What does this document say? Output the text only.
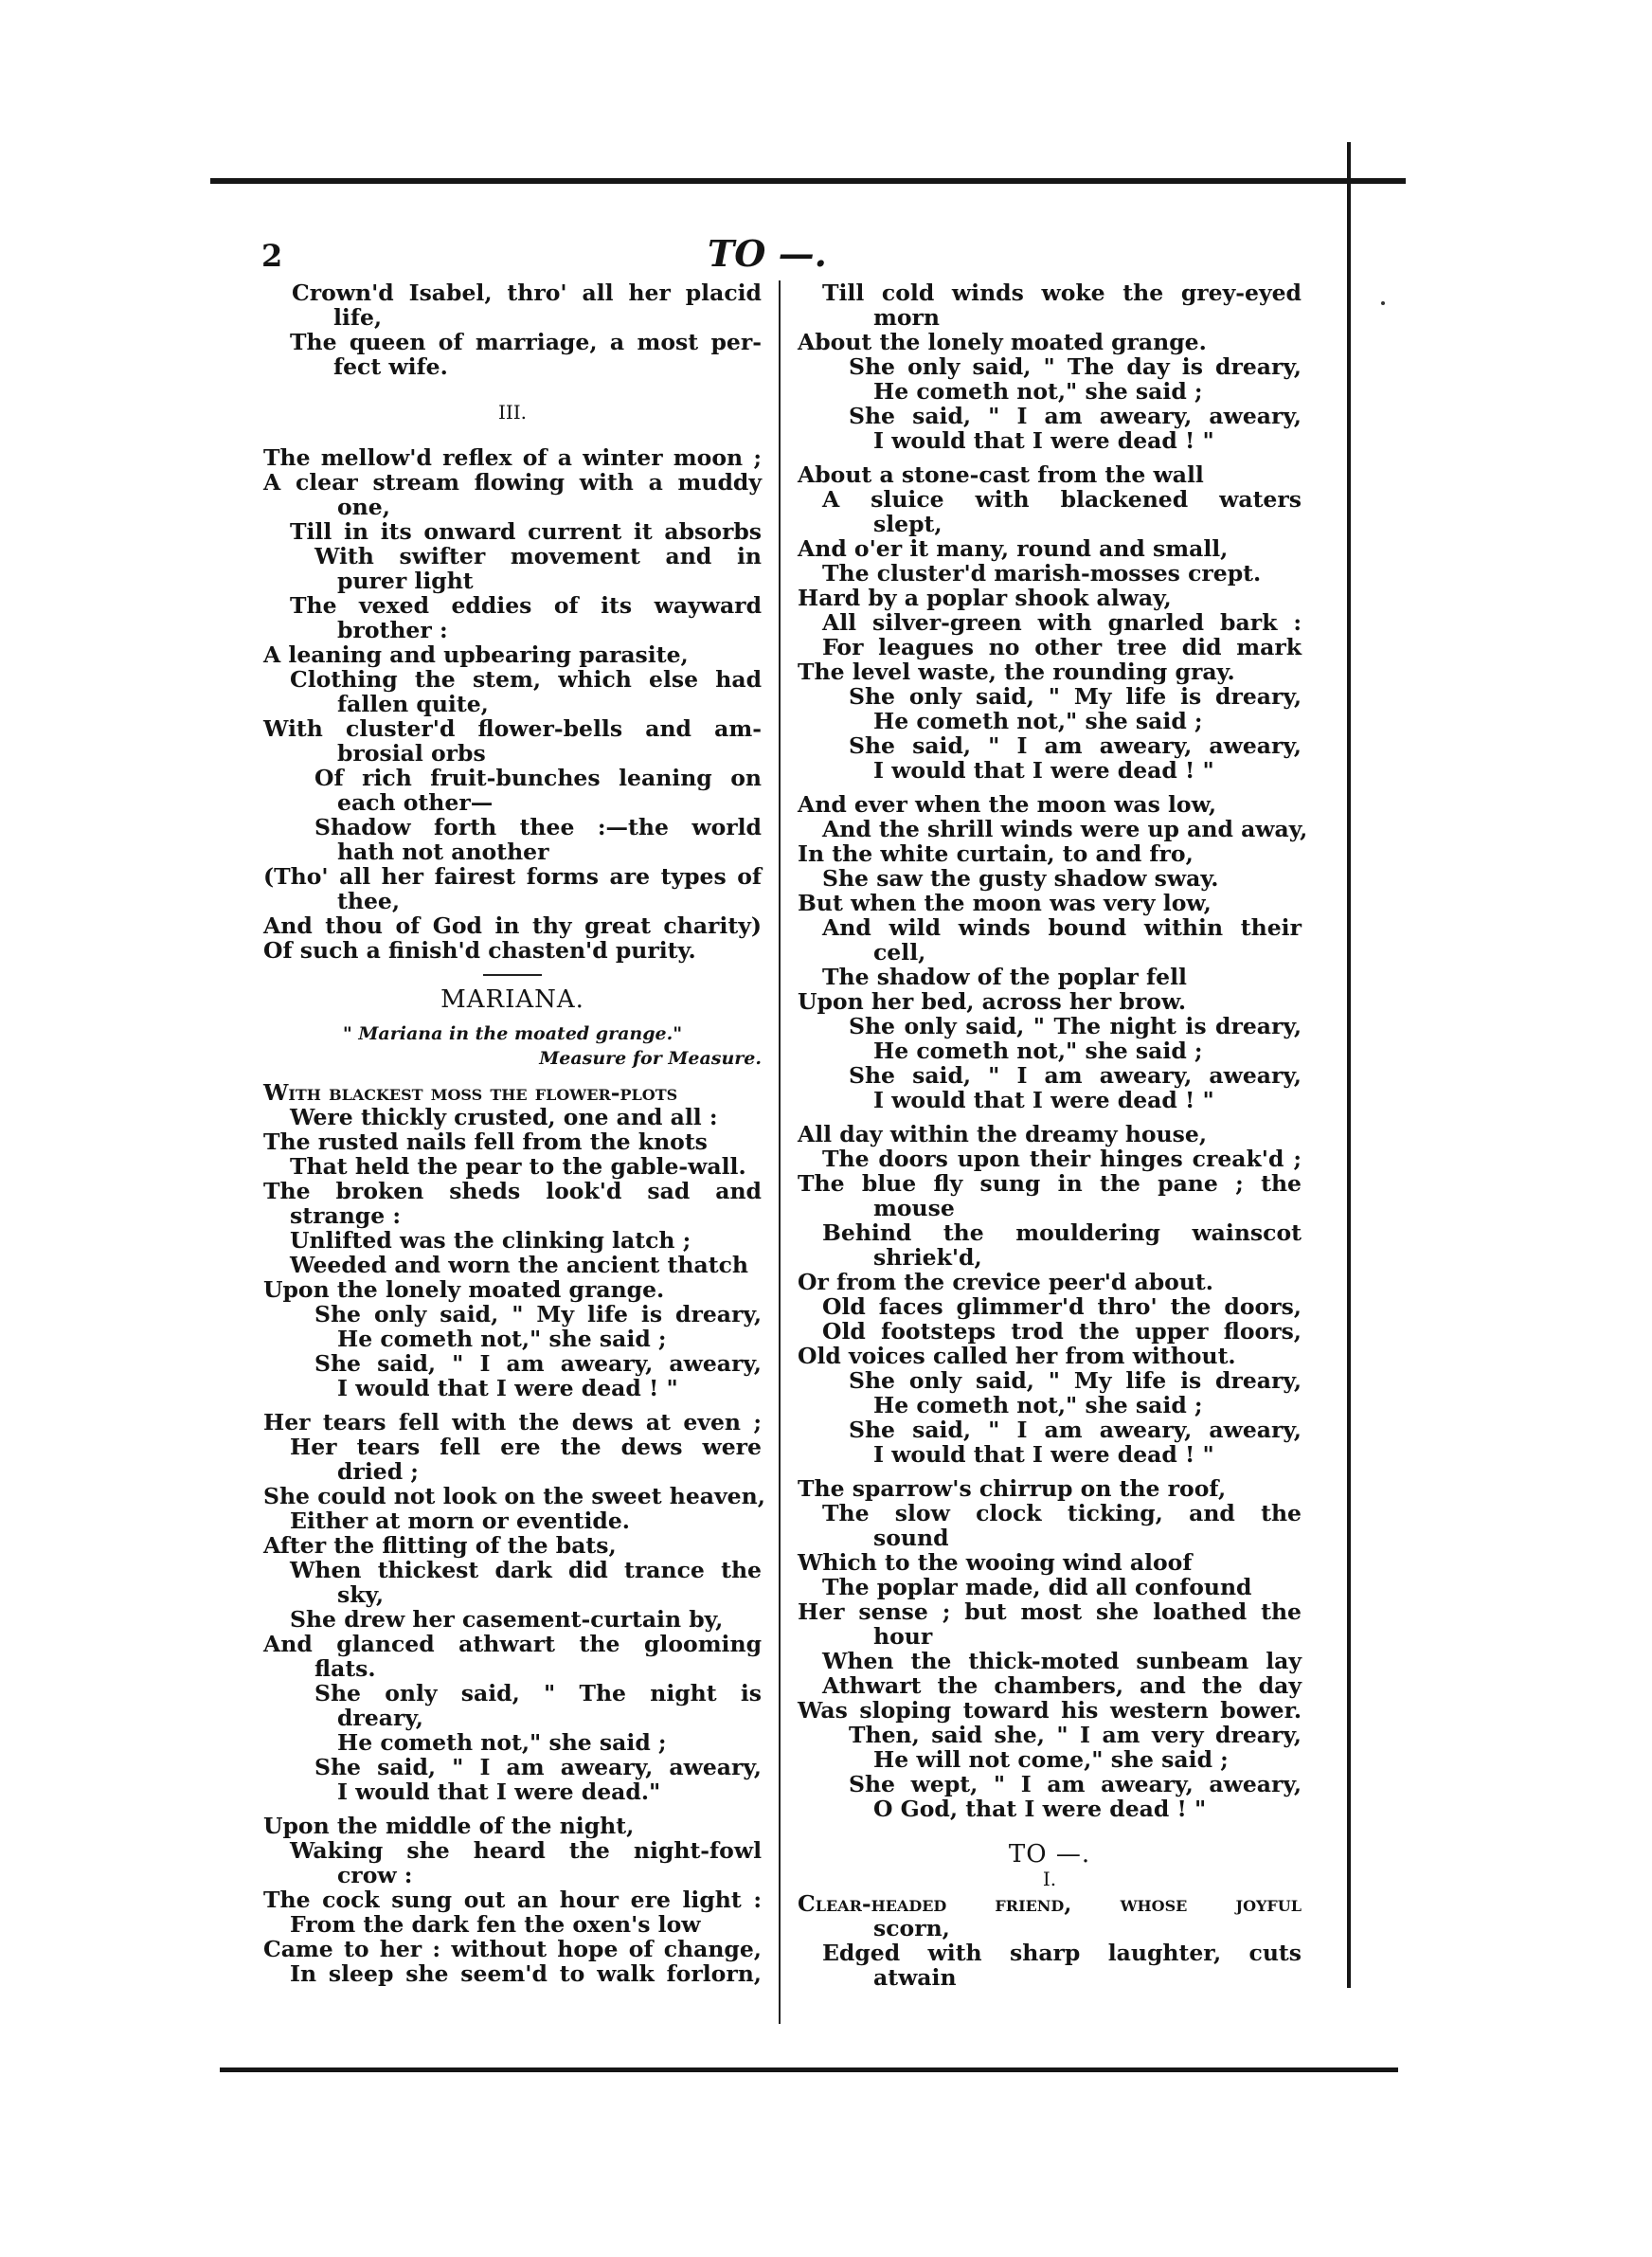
2	TO —.
Crown'd Isabel, thro' all her placid
life,
The queen of marriage, a most per-
fect wife.
III.
The mellow'd reflex of a winter moon ;
A clear stream flowing with a muddy
one,
Till in its onward current it absorbs
With swifter movement and in
purer light
The vexed eddies of its wayward
brother :
A leaning and upbearing parasite,
Clothing the stem, which else had
fallen quite,
With cluster'd flower-bells and am-
brosial orbs
Of rich fruit-bunches leaning on
each other—
Shadow forth thee :—the world
hath not another
(Tho' all her fairest forms are types of
thee,
And thou of God in thy great charity)
Of such a finish'd chasten'd purity.
MARIANA.
" Mariana in the moated grange."
Measure for Measure.
With blackest moss the flower-plots
Were thickly crusted, one and all :
The rusted nails fell from the knots
That held the pear to the gable-wall.
The broken sheds look'd sad and
strange :
Unlifted was the clinking latch ;
Weeded and worn the ancient thatch
Upon the lonely moated grange.
She only said, " My life is dreary,
He cometh not," she said ;
She said, " I am aweary, aweary,
I would that I were dead ! "
Her tears fell with the dews at even ;
Her tears fell ere the dews were
dried ;
She could not look on the sweet heaven,
Either at morn or eventide.
After the flitting of the bats,
When thickest dark did trance the
sky,
She drew her casement-curtain by,
And glanced athwart the glooming
flats.
She only said, " The night is
dreary,
He cometh not," she said ;
She said, " I am aweary, aweary,
I would that I were dead."
Upon the middle of the night,
Waking she heard the night-fowl
crow :
The cock sung out an hour ere light :
From the dark fen the oxen's low
Came to her : without hope of change,
In sleep she seem'd to walk forlorn,
Till cold winds woke the grey-eyed
morn
About the lonely moated grange.
She only said, " The day is dreary,
He cometh not," she said ;
She said, " I am aweary, aweary,
I would that I were dead ! "
About a stone-cast from the wall
A sluice with blackened waters
slept,
And o'er it many, round and small,
The cluster'd marish-mosses crept.
Hard by a poplar shook alway,
All silver-green with gnarled bark :
For leagues no other tree did mark
The level waste, the rounding gray.
She only said, " My life is dreary,
He cometh not," she said ;
She said, " I am aweary, aweary,
I would that I were dead ! "
And ever when the moon was low,
And the shrill winds were up and away,
In the white curtain, to and fro,
She saw the gusty shadow sway.
But when the moon was very low,
And wild winds bound within their
cell,
The shadow of the poplar fell
Upon her bed, across her brow.
She only said, " The night is dreary,
He cometh not," she said ;
She said, " I am aweary, aweary,
I would that I were dead ! "
All day within the dreamy house,
The doors upon their hinges creak'd ;
The blue fly sung in the pane ; the
mouse
Behind the mouldering wainscot
shriek'd,
Or from the crevice peer'd about.
Old faces glimmer'd thro' the doors,
Old footsteps trod the upper floors,
Old voices called her from without.
She only said, " My life is dreary,
He cometh not," she said ;
She said, " I am aweary, aweary,
I would that I were dead ! "
The sparrow's chirrup on the roof,
The slow clock ticking, and the
sound
Which to the wooing wind aloof
The poplar made, did all confound
Her sense ; but most she loathed the
hour
When the thick-moted sunbeam lay
Athwart the chambers, and the day
Was sloping toward his western bower.
Then, said she, " I am very dreary,
He will not come," she said ;
She wept, " I am aweary, aweary,
O God, that I were dead ! "
TO —.
I.
Clear-headed friend, whose joyful
scorn,
Edged with sharp laughter, cuts
atwain
